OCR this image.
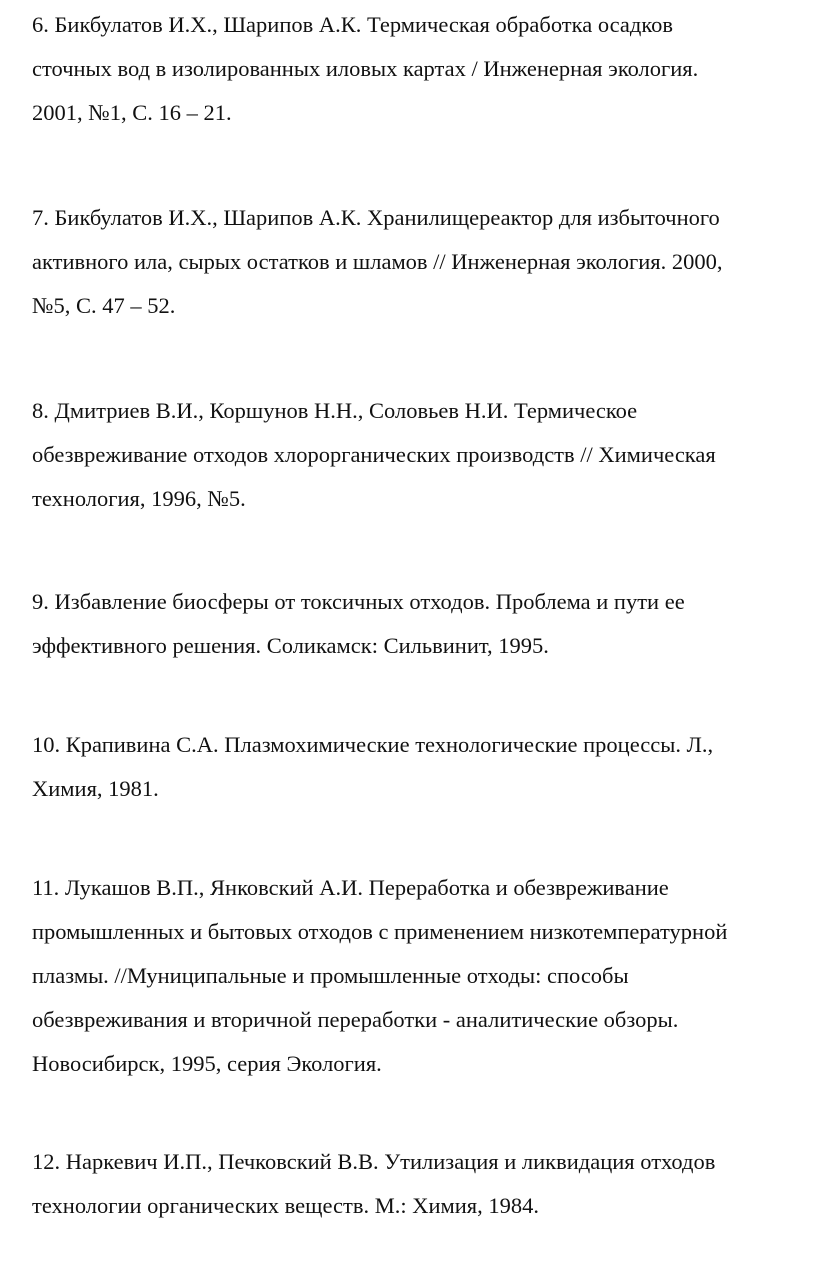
6. Бикбулатов И.Х., Шарипов А.К. Термическая обработка осадков
сточных вод в изолированных иловых картах / Инженерная экология.
2001, №1, С. 16 – 21.

7. Бикбулатов И.Х., Шарипов А.К. Хранилищереактор для избыточного
активного ила, сырых остатков и шламов // Инженерная экология. 2000,
№5, С. 47 – 52.

8. Дмитриев В.И., Коршунов Н.Н., Соловьев Н.И. Термическое
обезвреживание отходов хлорорганических производств // Химическая
технология, 1996, №5.

9. Избавление биосферы от токсичных отходов. Проблема и пути ее
эффективного решения. Соликамск: Сильвинит, 1995.

10. Крапивина С.А. Плазмохимические технологические процессы. Л.,
Химия, 1981.

11. Лукашов В.П., Янковский А.И. Переработка и обезвреживание
промышленных и бытовых отходов с применением низкотемпературной
плазмы. //Муниципальные и промышленные отходы: способы
обезвреживания и вторичной переработки - аналитические обзоры.
Новосибирск, 1995, серия Экология.

12. Наркевич И.П., Печковский В.В. Утилизация и ликвидация отходов
технологии органических веществ. М.: Химия, 1984.
